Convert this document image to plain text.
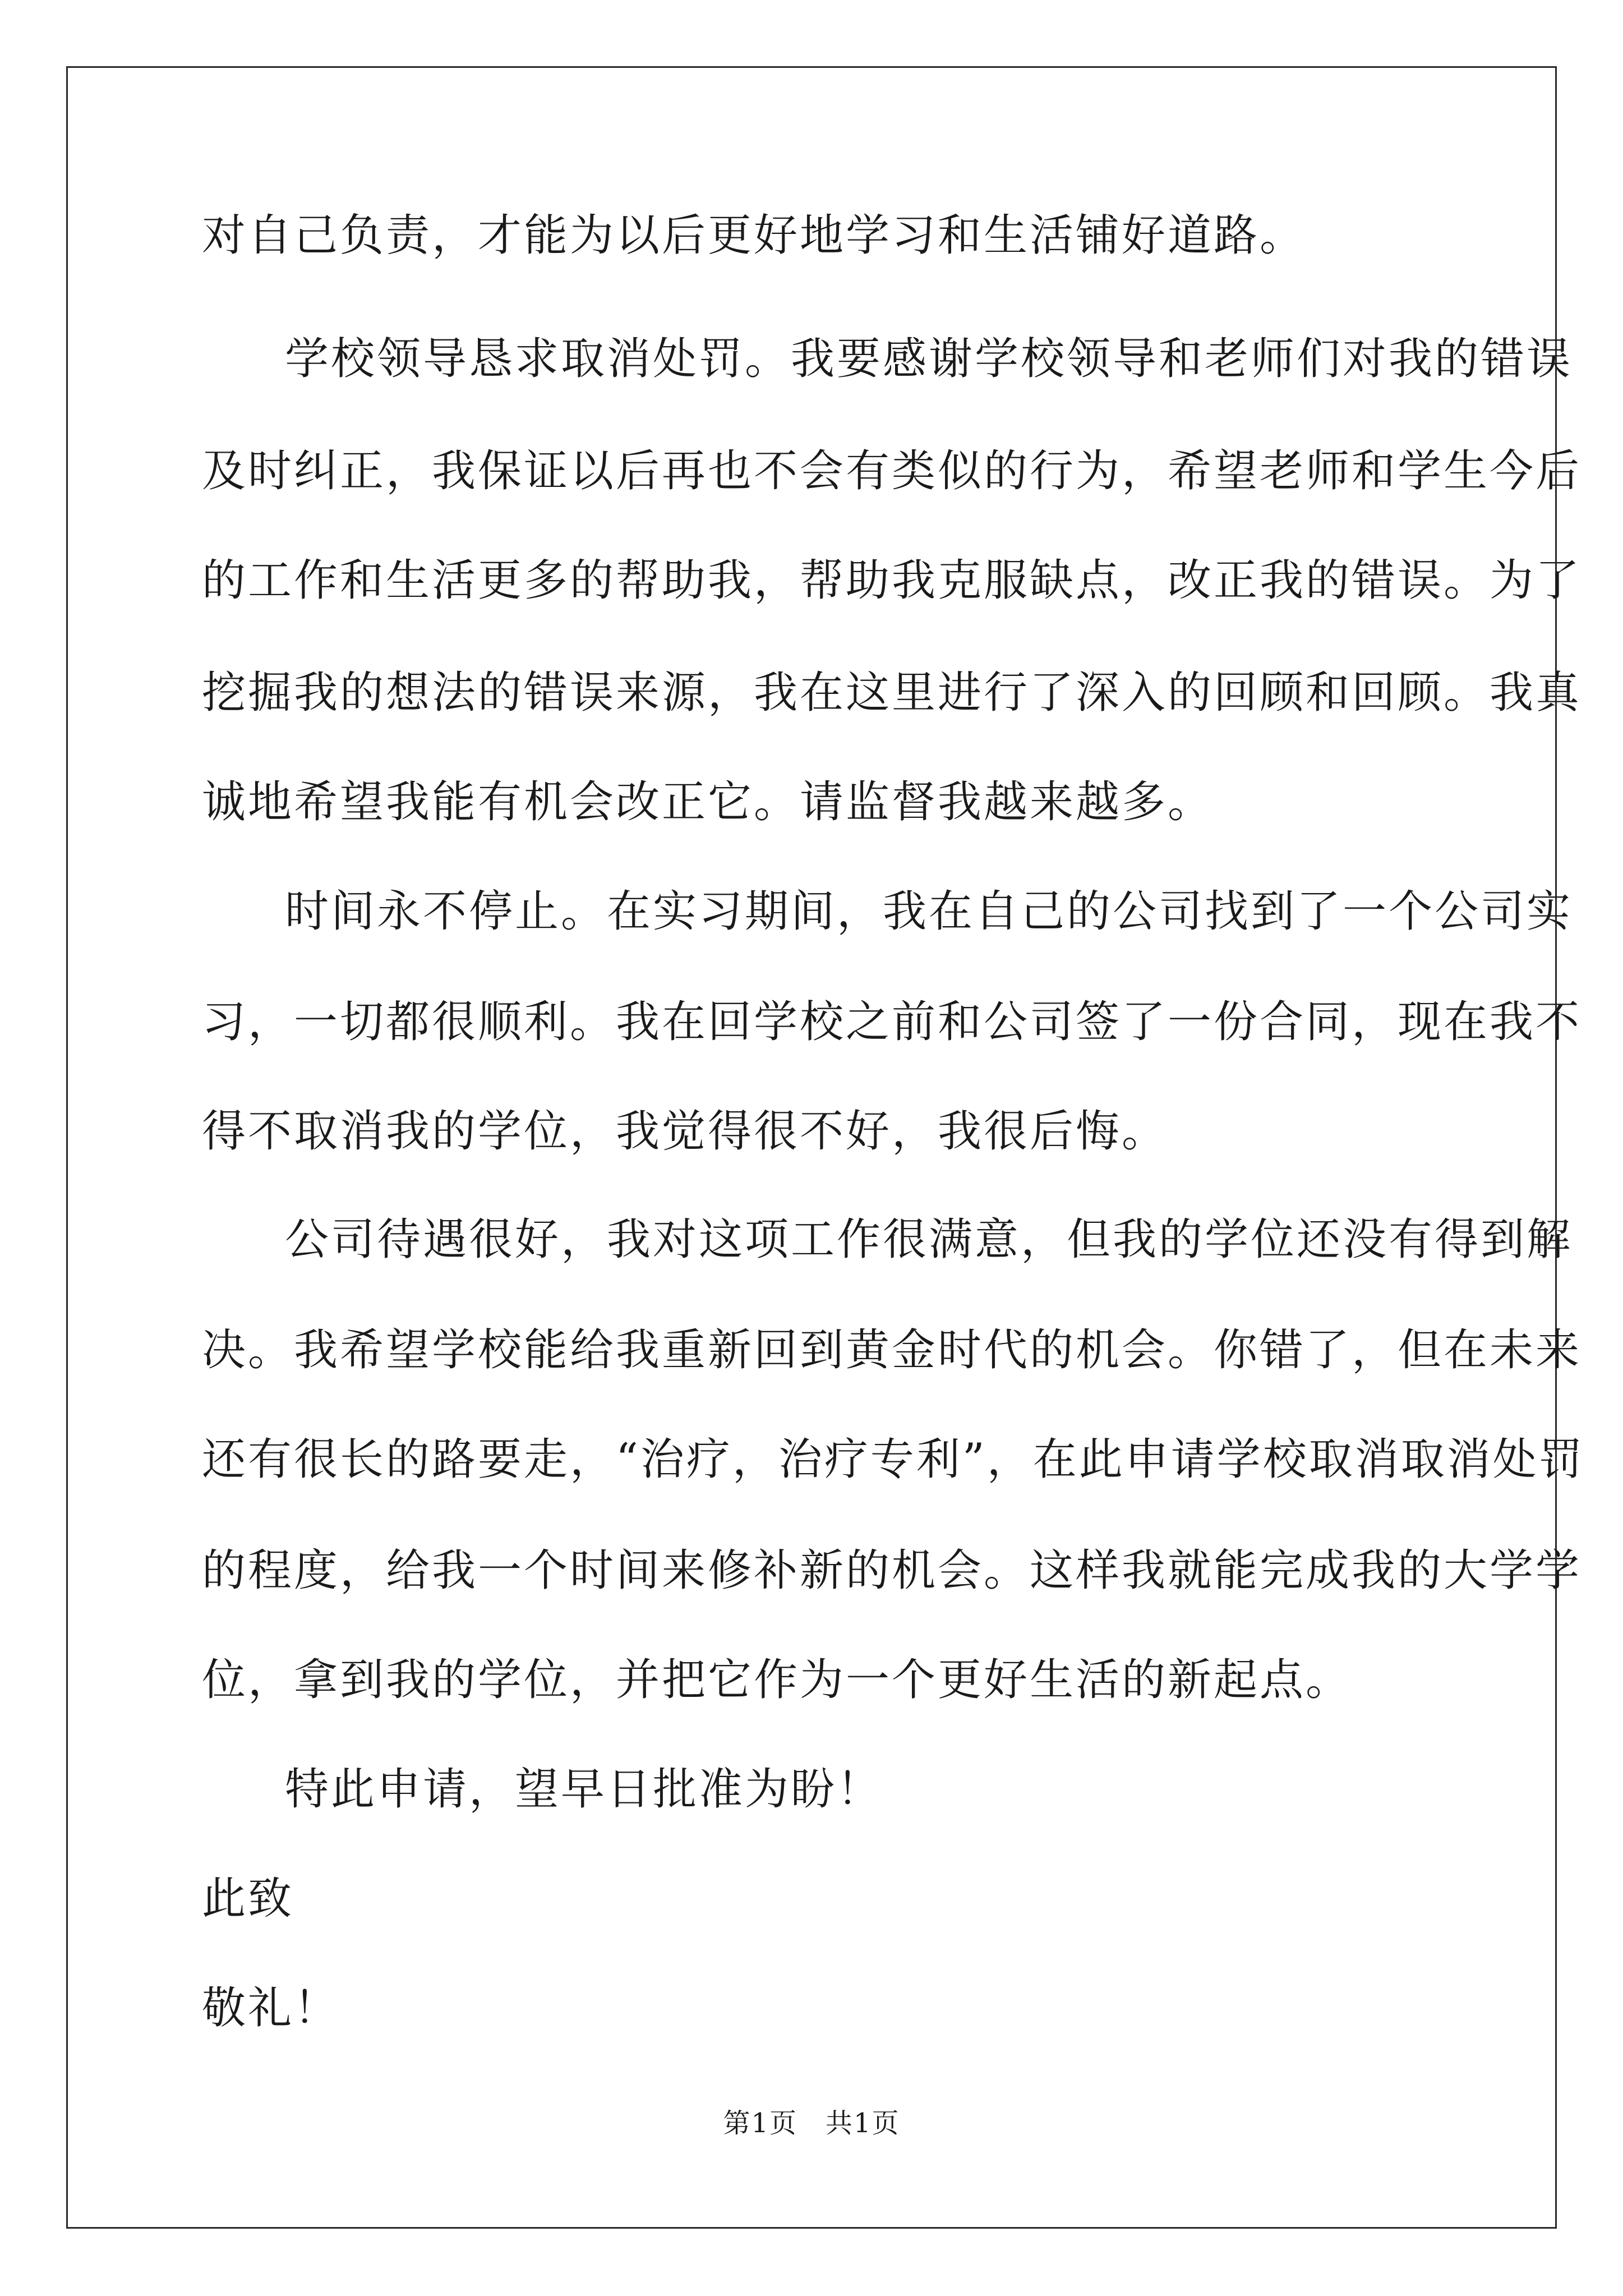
对自己负责，才能为以后更好地学习和生活铺好道路。

学校领导恳求取消处罚。我要感谢学校领导和老师们对我的错误

及时纠正，我保证以后再也不会有类似的行为，希望老师和学生今后

的工作和生活更多的帮助我，帮助我克服缺点，改正我的错误。为了

挖掘我的想法的错误来源，我在这里进行了深入的回顾和回顾。我真

诚地希望我能有机会改正它。请监督我越来越多。

时间永不停止。在实习期间，我在自己的公司找到了一个公司实

习，一切都很顺利。我在回学校之前和公司签了一份合同，现在我不

得不取消我的学位，我觉得很不好，我很后悔。

公司待遇很好，我对这项工作很满意，但我的学位还没有得到解

决。我希望学校能给我重新回到黄金时代的机会。你错了，但在未来

还有很长的路要走，“治疗，治疗专利”，在此申请学校取消取消处罚

的程度，给我一个时间来修补新的机会。这样我就能完成我的大学学

位，拿到我的学位，并把它作为一个更好生活的新起点。

特此申请，望早日批准为盼！

此致

敬礼！

第1页　共1页
